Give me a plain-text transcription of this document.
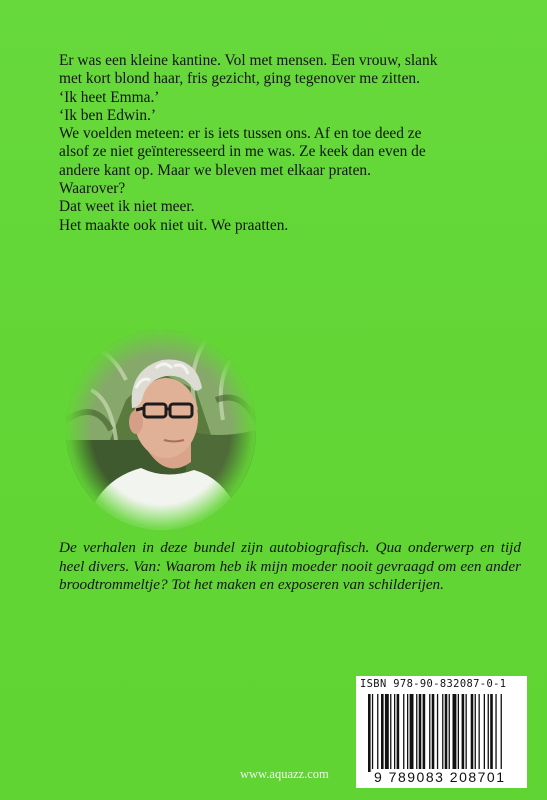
Er was een kleine kantine. Vol met mensen. Een vrouw, slank

met kort blond haar, fris gezicht, ging tegenover me zitten.

‘Ik heet Emma.’

‘Ik ben Edwin.’

We voelden meteen: er is iets tussen ons. Af en toe deed ze

alsof ze niet geïnteresseerd in me was. Ze keek dan even de

andere kant op. Maar we bleven met elkaar praten.

Waarover?

Dat weet ik niet meer.

Het maakte ook niet uit. We praatten.

De verhalen in deze bundel zijn autobiografisch. Qua onderwerp en tijd heel divers. Van: Waarom heb ik mijn moeder nooit gevraagd om een ander broodtrommeltje? Tot het maken en exposeren van schilderijen.

ISBN 978-90-832087-0-1
9 789083 208701
www.aquazz.com
